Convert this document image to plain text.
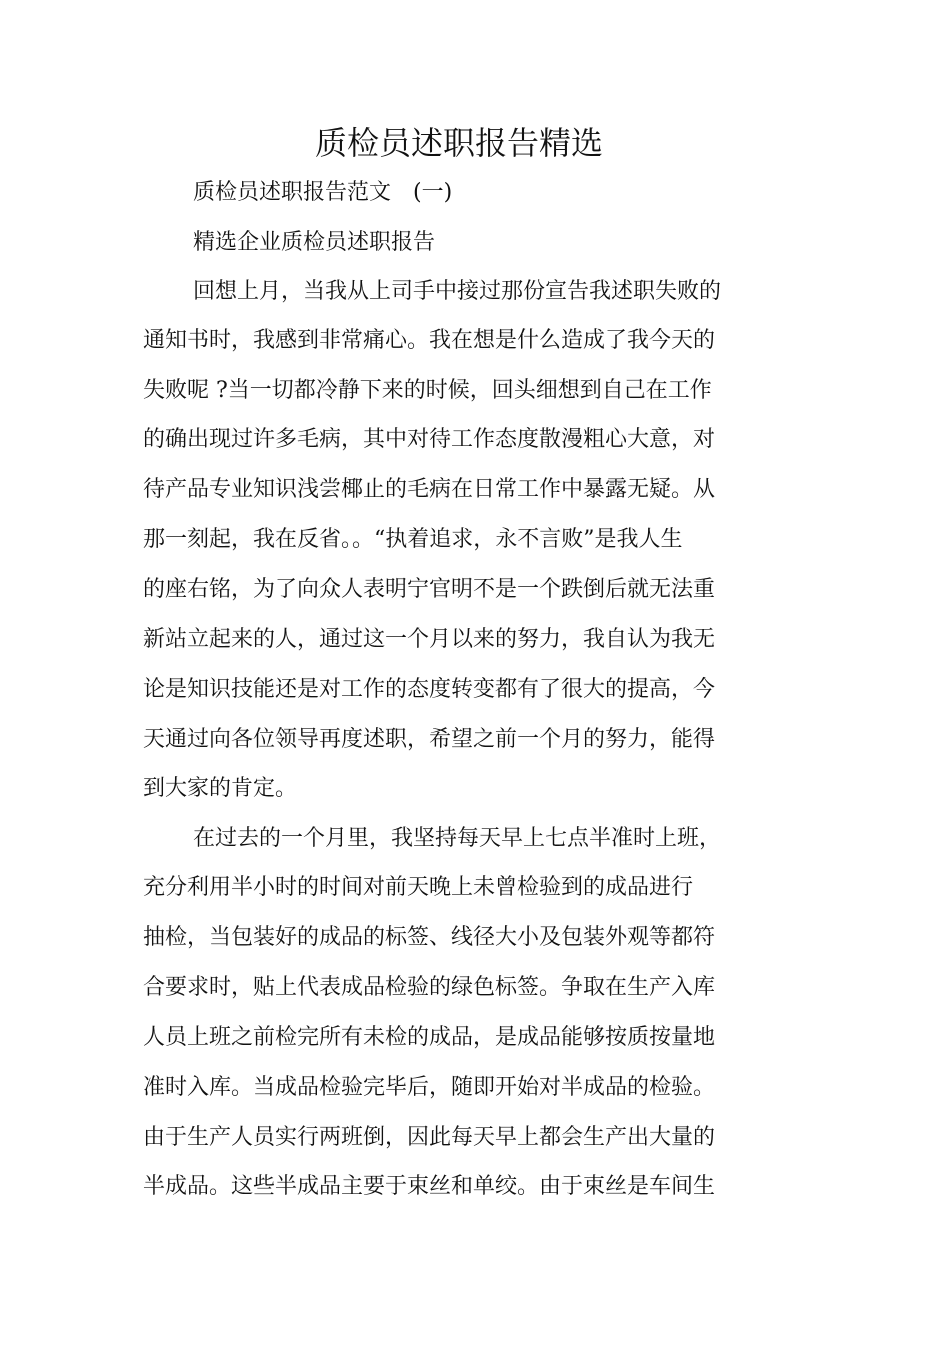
质检员述职报告精选

质检员述职报告范文　(一)

精选企业质检员述职报告

回想上月，当我从上司手中接过那份宣告我述职失败的

通知书时，我感到非常痛心。我在想是什么造成了我今天的

失败呢 ?当一切都冷静下来的时候，回头细想到自己在工作

的确出现过许多毛病，其中对待工作态度散漫粗心大意，对

待产品专业知识浅尝椰止的毛病在日常工作中暴露无疑。从

那一刻起，我在反省。。“执着追求，永不言败”是我人生

的座右铭，为了向众人表明宁官明不是一个跌倒后就无法重

新站立起来的人，通过这一个月以来的努力，我自认为我无

论是知识技能还是对工作的态度转变都有了很大的提高，今

天通过向各位领导再度述职，希望之前一个月的努力，能得

到大家的肯定。

在过去的一个月里，我坚持每天早上七点半准时上班，

充分利用半小时的时间对前天晚上未曾检验到的成品进行

抽检，当包装好的成品的标签、线径大小及包装外观等都符

合要求时，贴上代表成品检验的绿色标签。争取在生产入库

人员上班之前检完所有未检的成品，是成品能够按质按量地

准时入库。当成品检验完毕后，随即开始对半成品的检验。

由于生产人员实行两班倒，因此每天早上都会生产出大量的

半成品。这些半成品主要于束丝和单绞。由于束丝是车间生
